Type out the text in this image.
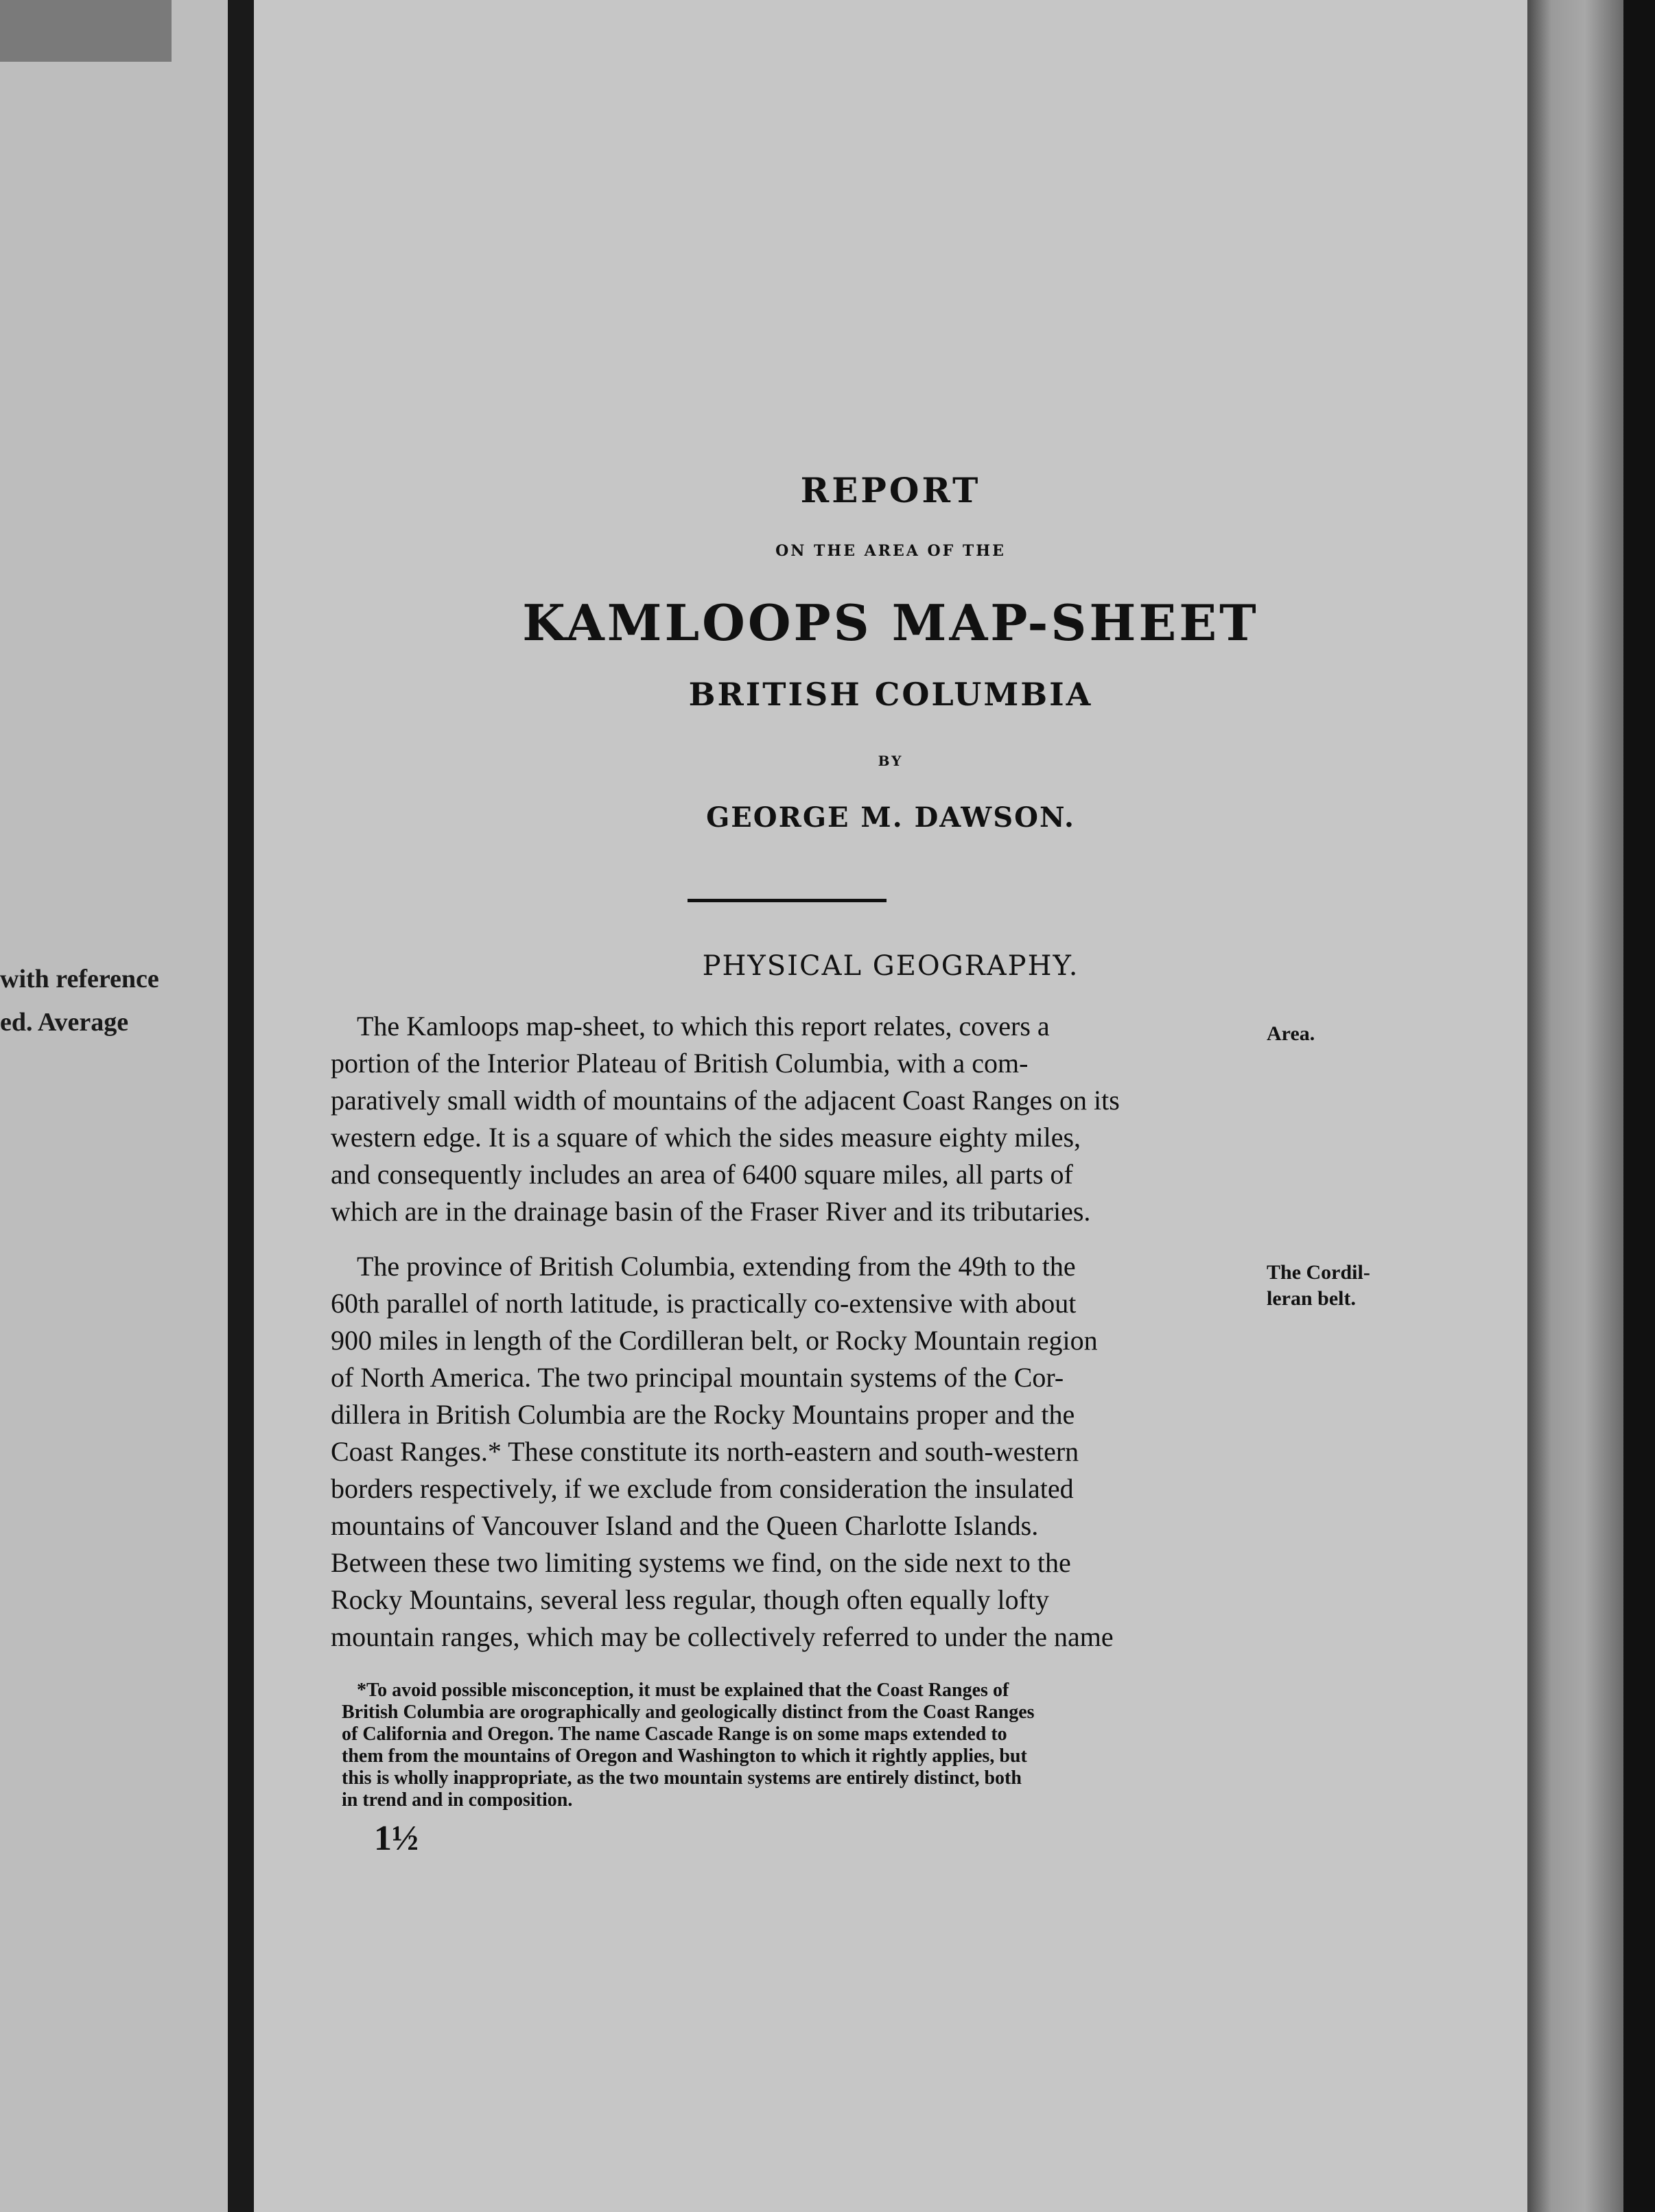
with reference
ed. Average
REPORT
ON THE AREA OF THE
KAMLOOPS MAP-SHEET
BRITISH COLUMBIA
BY
GEORGE M. DAWSON.
PHYSICAL GEOGRAPHY.
The Kamloops map-sheet, to which this report relates, covers a
portion of the Interior Plateau of British Columbia, with a com-
paratively small width of mountains of the adjacent Coast Ranges on its
western edge. It is a square of which the sides measure eighty miles,
and consequently includes an area of 6400 square miles, all parts of
which are in the drainage basin of the Fraser River and its tributaries.
The province of British Columbia, extending from the 49th to the
60th parallel of north latitude, is practically co-extensive with about
900 miles in length of the Cordilleran belt, or Rocky Mountain region
of North America. The two principal mountain systems of the Cor-
dillera in British Columbia are the Rocky Mountains proper and the
Coast Ranges.* These constitute its north-eastern and south-western
borders respectively, if we exclude from consideration the insulated
mountains of Vancouver Island and the Queen Charlotte Islands.
Between these two limiting systems we find, on the side next to the
Rocky Mountains, several less regular, though often equally lofty
mountain ranges, which may be collectively referred to under the name
Area.
The Cordil-
leran belt.
*To avoid possible misconception, it must be explained that the Coast Ranges of
British Columbia are orographically and geologically distinct from the Coast Ranges
of California and Oregon. The name Cascade Range is on some maps extended to
them from the mountains of Oregon and Washington to which it rightly applies, but
this is wholly inappropriate, as the two mountain systems are entirely distinct, both
in trend and in composition.
1½
